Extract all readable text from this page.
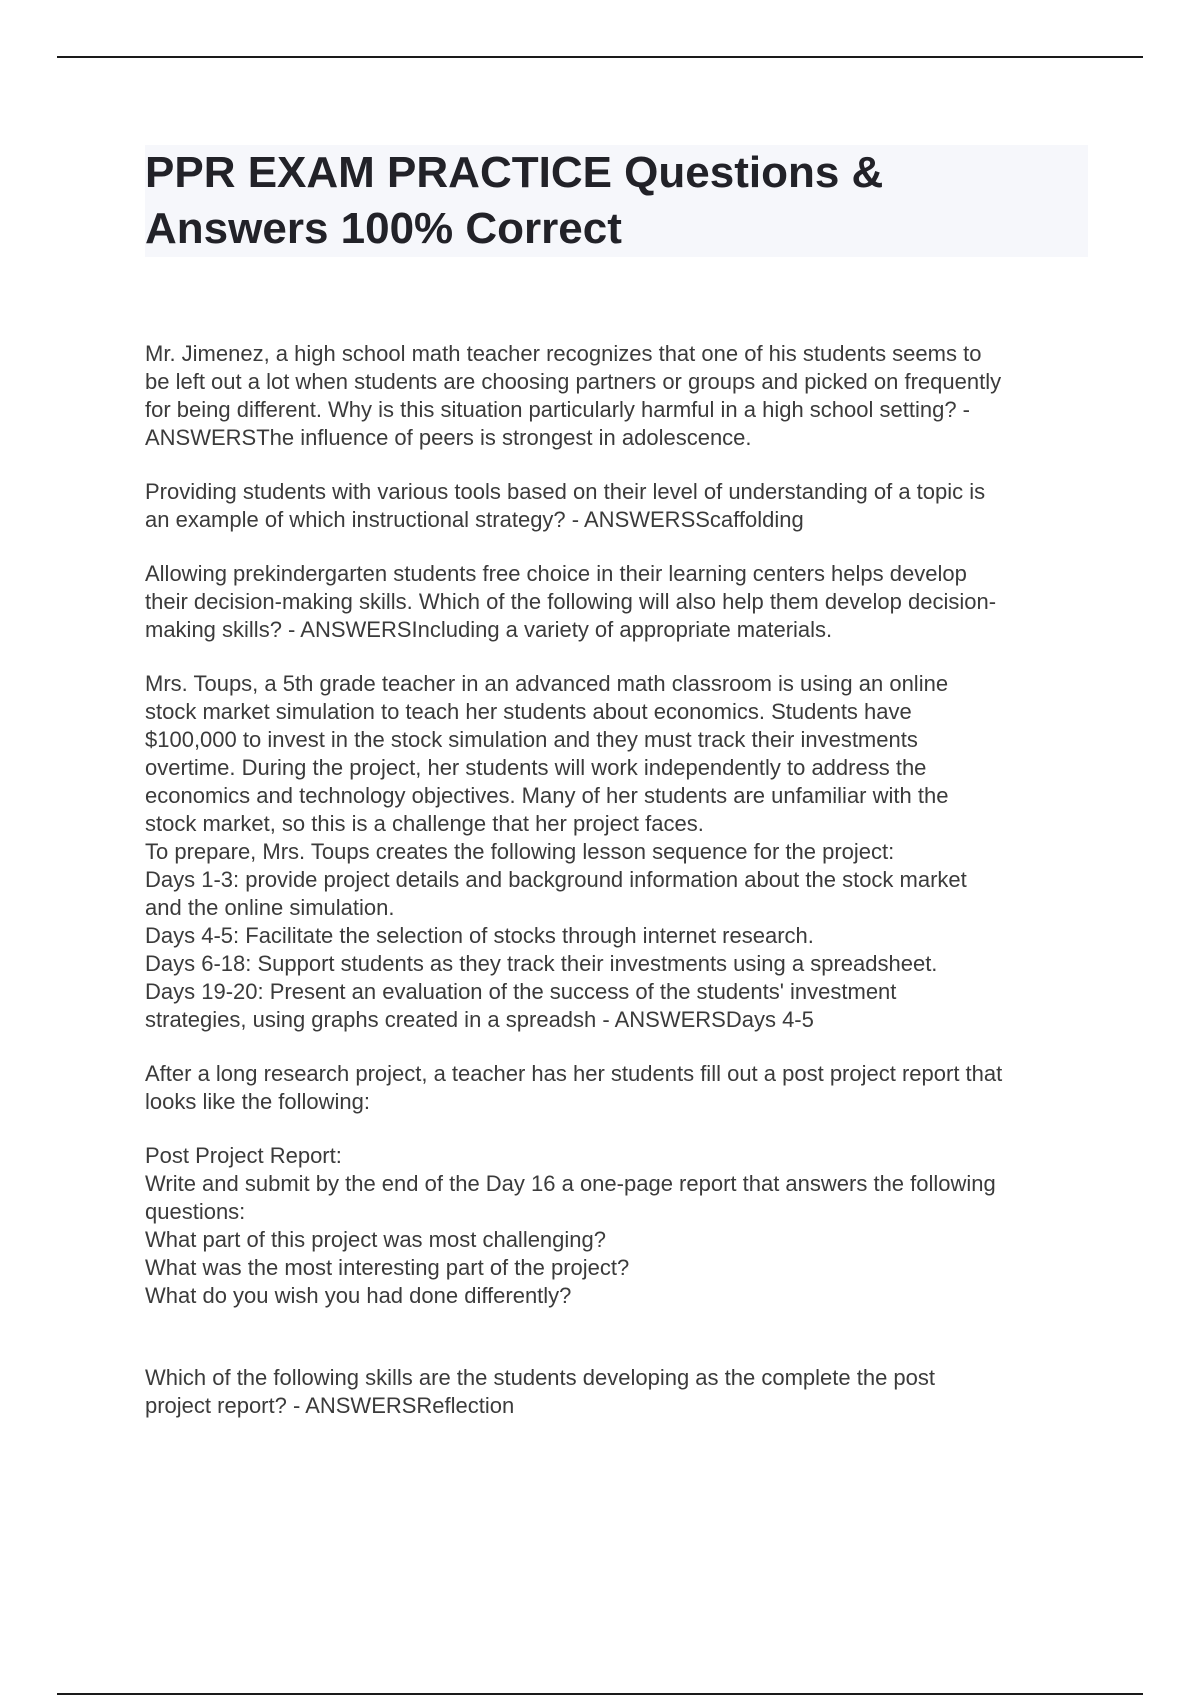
PPR EXAM PRACTICE Questions &
Answers 100% Correct

Mr. Jimenez, a high school math teacher recognizes that one of his students seems to
be left out a lot when students are choosing partners or groups and picked on frequently
for being different. Why is this situation particularly harmful in a high school setting? -
ANSWERSThe influence of peers is strongest in adolescence.

Providing students with various tools based on their level of understanding of a topic is
an example of which instructional strategy? - ANSWERSScaffolding

Allowing prekindergarten students free choice in their learning centers helps develop
their decision-making skills. Which of the following will also help them develop decision-
making skills? - ANSWERSIncluding a variety of appropriate materials.

Mrs. Toups, a 5th grade teacher in an advanced math classroom is using an online
stock market simulation to teach her students about economics. Students have
$100,000 to invest in the stock simulation and they must track their investments
overtime. During the project, her students will work independently to address the
economics and technology objectives. Many of her students are unfamiliar with the
stock market, so this is a challenge that her project faces.
To prepare, Mrs. Toups creates the following lesson sequence for the project:
Days 1-3: provide project details and background information about the stock market
and the online simulation.
Days 4-5: Facilitate the selection of stocks through internet research.
Days 6-18: Support students as they track their investments using a spreadsheet.
Days 19-20: Present an evaluation of the success of the students' investment
strategies, using graphs created in a spreadsh - ANSWERSDays 4-5

After a long research project, a teacher has her students fill out a post project report that
looks like the following:

Post Project Report:
Write and submit by the end of the Day 16 a one-page report that answers the following
questions:
What part of this project was most challenging?
What was the most interesting part of the project?
What do you wish you had done differently?

Which of the following skills are the students developing as the complete the post
project report? - ANSWERSReflection
